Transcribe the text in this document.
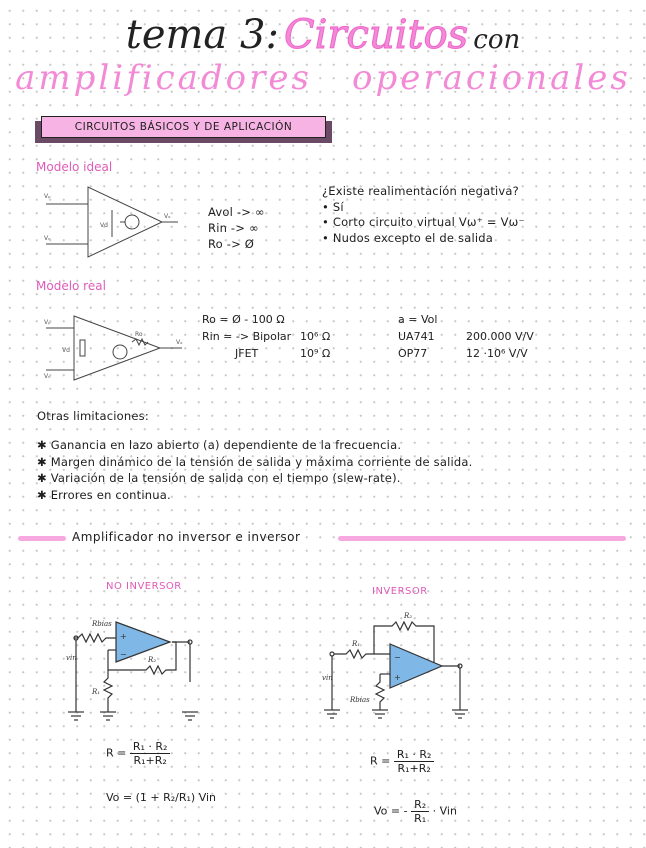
tema 3: Circuitos con
amplificadores operacionales
CIRCUITOS BÁSICOS Y DE APLICACIÓN
Modelo ideal
Vₚ
Vₙ
Vd
Vₒ	Avol -> ∞
Rin -> ∞
Ro -> Ø
¿Existe realimentación negativa?
• Sí
• Corto circuito virtual Vω⁺ = Vω⁻
• Nudos excepto el de salida
Modelo real
Vₚ
Vd
Vₙ
Ro
Vₒ
Ro = Ø - 100 Ω
Rin = -> Bipolar 10⁶ Ω
JFET	10⁹ Ω
a = Vol
UA741	200.000 V/V
OP77	12 ·10⁶ V/V
Otras limitaciones:
✱ Ganancia en lazo abierto (a) dependiente de la frecuencia.
✱ Margen dinámico de la tensión de salida y máxima corriente de salida.
✱ Variación de la tensión de salida con el tiempo (slew-rate).
✱ Errores en continua.
Amplificador no inversor e inversor
NO INVERSOR
+
−
Rbias
R₂
vin
R₁
$R = \frac{\text{R₁ · R₂}}{\text{R₁+R₂}}$
Vo = (1 + R₂/R₁) Vin
INVERSOR
−
+
R₂
R₁
vin
Rbias
$R = \frac{\text{R₁ · R₂}}{\text{R₁+R₂}}$
Vo = - $\frac{\text{R₂}}{\text{R₁}}$ · Vin
